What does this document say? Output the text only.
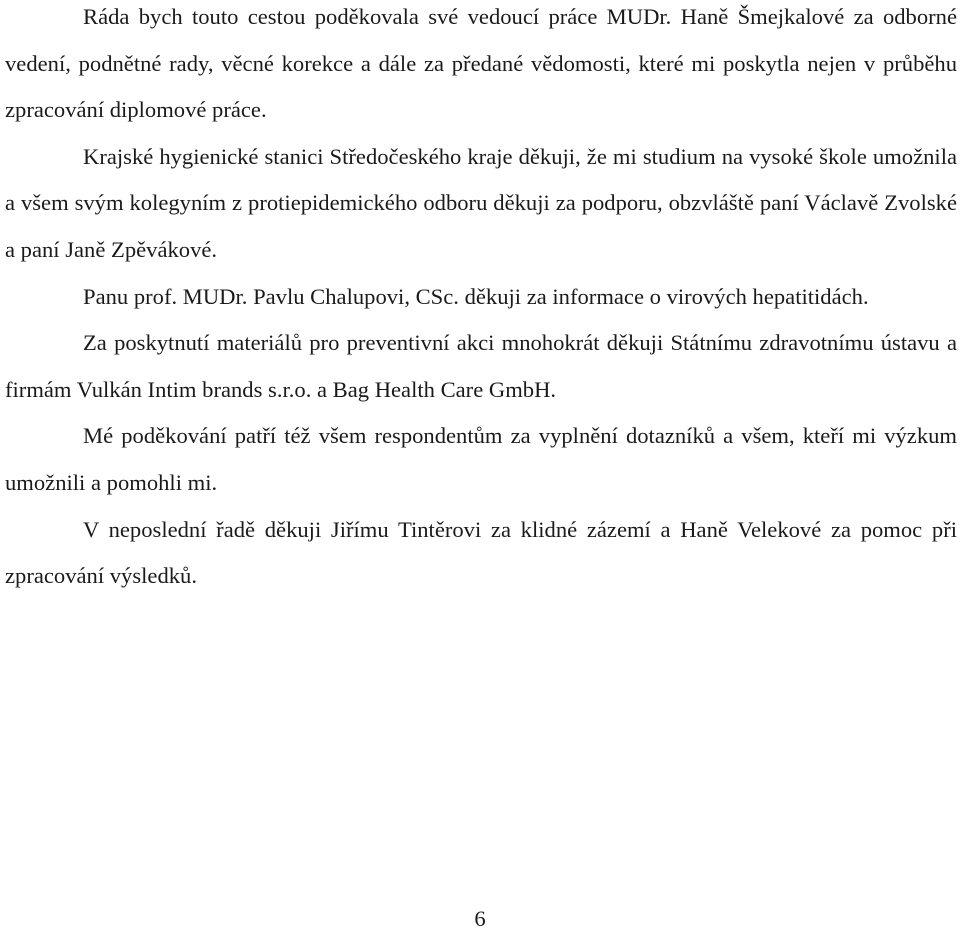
Ráda bych touto cestou poděkovala své vedoucí práce MUDr. Haně Šmejkalové za odborné vedení, podnětné rady, věcné korekce a dále za předané vědomosti, které mi poskytla nejen v průběhu zpracování diplomové práce.

Krajské hygienické stanici Středočeského kraje děkuji, že mi studium na vysoké škole umožnila a všem svým kolegyním z protiepidemického odboru děkuji za podporu, obzvláště paní Václavě Zvolské a paní Janě Zpěvákové.

Panu prof. MUDr. Pavlu Chalupovi, CSc. děkuji za informace o virových hepatitidách.

Za poskytnutí materiálů pro preventivní akci mnohokrát děkuji Státnímu zdravotnímu ústavu a firmám Vulkán Intim brands s.r.o. a Bag Health Care GmbH.

Mé poděkování patří též všem respondentům za vyplnění dotazníků a všem, kteří mi výzkum umožnili a pomohli mi.

V neposlední řadě děkuji Jiřímu Tintěrovi za klidné zázemí a Haně Velekové za pomoc při zpracování výsledků.

6
